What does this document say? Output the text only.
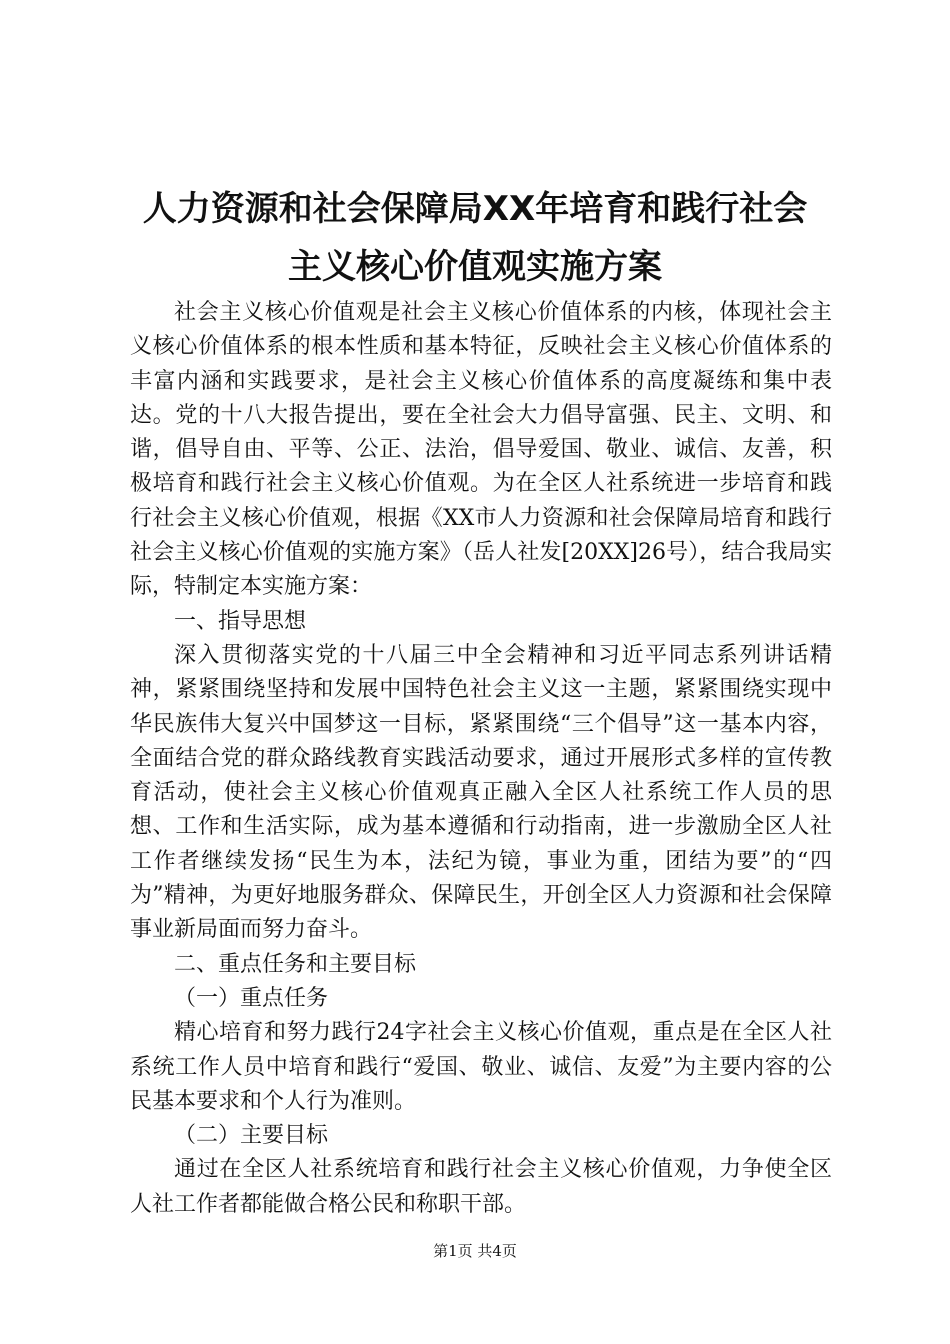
人力资源和社会保障局XX年培育和践行社会
主义核心价值观实施方案

社会主义核心价值观是社会主义核心价值体系的内核，体现社会主义核心价值体系的根本性质和基本特征，反映社会主义核心价值体系的丰富内涵和实践要求，是社会主义核心价值体系的高度凝练和集中表达。党的十八大报告提出，要在全社会大力倡导富强、民主、文明、和谐，倡导自由、平等、公正、法治，倡导爱国、敬业、诚信、友善，积极培育和践行社会主义核心价值观。为在全区人社系统进一步培育和践行社会主义核心价值观，根据《XX市人力资源和社会保障局培育和践行社会主义核心价值观的实施方案》（岳人社发[20XX]26号），结合我局实际，特制定本实施方案：

一、指导思想

深入贯彻落实党的十八届三中全会精神和习近平同志系列讲话精神，紧紧围绕坚持和发展中国特色社会主义这一主题，紧紧围绕实现中华民族伟大复兴中国梦这一目标，紧紧围绕“三个倡导”这一基本内容，全面结合党的群众路线教育实践活动要求，通过开展形式多样的宣传教育活动，使社会主义核心价值观真正融入全区人社系统工作人员的思想、工作和生活实际，成为基本遵循和行动指南，进一步激励全区人社工作者继续发扬“民生为本，法纪为镜，事业为重，团结为要”的“四为”精神，为更好地服务群众、保障民生，开创全区人力资源和社会保障事业新局面而努力奋斗。

二、重点任务和主要目标

（一）重点任务

精心培育和努力践行24字社会主义核心价值观，重点是在全区人社系统工作人员中培育和践行“爱国、敬业、诚信、友爱”为主要内容的公民基本要求和个人行为准则。

（二）主要目标

通过在全区人社系统培育和践行社会主义核心价值观，力争使全区人社工作者都能做合格公民和称职干部。

第1页 共4页
